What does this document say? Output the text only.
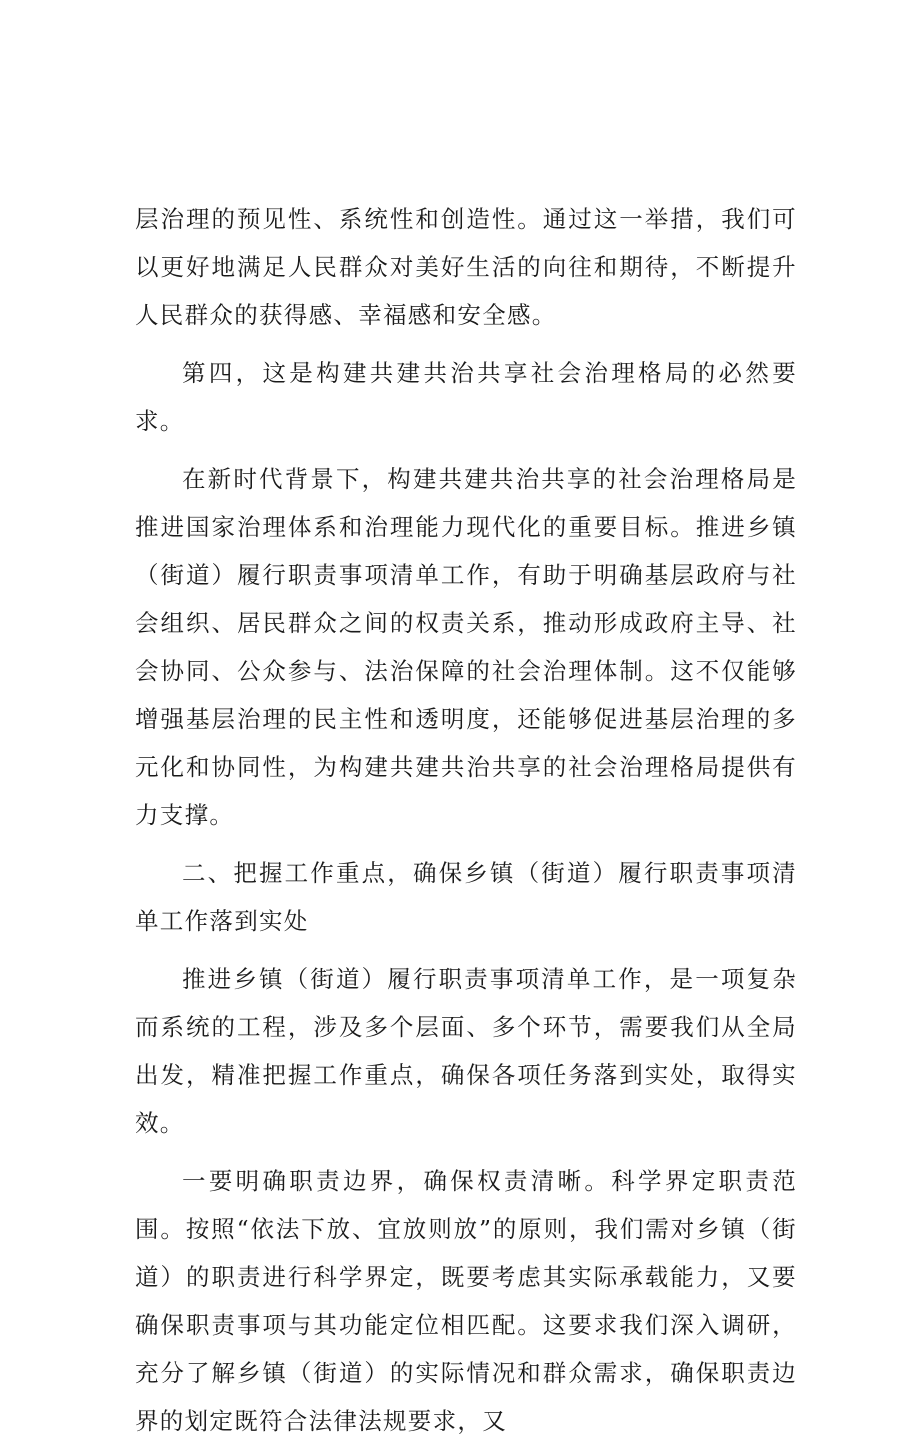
层治理的预见性、系统性和创造性。通过这一举措，我们可以更好地满足人民群众对美好生活的向往和期待，不断提升人民群众的获得感、幸福感和安全感。

第四，这是构建共建共治共享社会治理格局的必然要求。

在新时代背景下，构建共建共治共享的社会治理格局是推进国家治理体系和治理能力现代化的重要目标。推进乡镇（街道）履行职责事项清单工作，有助于明确基层政府与社会组织、居民群众之间的权责关系，推动形成政府主导、社会协同、公众参与、法治保障的社会治理体制。这不仅能够增强基层治理的民主性和透明度，还能够促进基层治理的多元化和协同性，为构建共建共治共享的社会治理格局提供有力支撑。

二、把握工作重点，确保乡镇（街道）履行职责事项清单工作落到实处

推进乡镇（街道）履行职责事项清单工作，是一项复杂而系统的工程，涉及多个层面、多个环节，需要我们从全局出发，精准把握工作重点，确保各项任务落到实处，取得实效。

一要明确职责边界，确保权责清晰。科学界定职责范围。按照“依法下放、宜放则放”的原则，我们需对乡镇（街道）的职责进行科学界定，既要考虑其实际承载能力，又要确保职责事项与其功能定位相匹配。这要求我们深入调研，充分了解乡镇（街道）的实际情况和群众需求，确保职责边界的划定既符合法律法规要求，又
